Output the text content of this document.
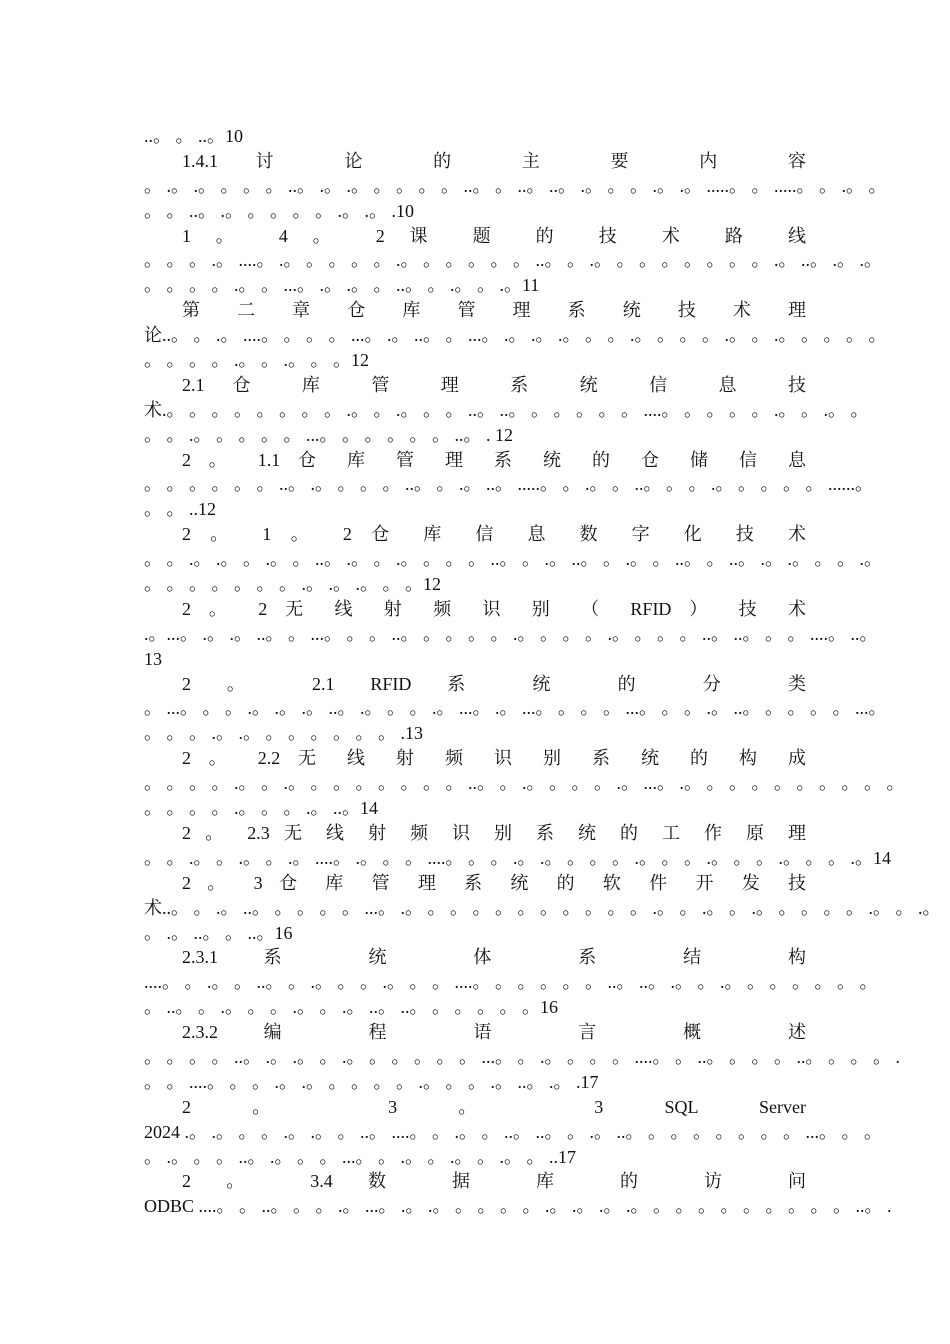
..。 。 ..。10
1.4.1 讨 论 的 主 要 内 容
。 .。 .。 。 。 。 ..。 .。 .。 。 。 。 。 ..。 。 ..。 ..。 .。 。 。 .。 .。 .....。 。 .....。 。 .。 。
。 。 ..。 .。 。 。 。 。 .。 .。 .10
1 。 4 。 2 课 题 的 技 术 路 线
。 。 。 .。 ....。 .。 。 。 。 。 .。 。 。 。 。 。 ..。 。 .。 。 。 。 。 。 。 。 .。 ..。 .。 .。
。 。 。 。 .。 。 ...。 .。 .。 。 ..。 。 .。 。 .。11
第 二 章 仓 库 管 理 系 统 技 术 理
论..。 。 .。 ....。 。 。 。 ...。 .。 ..。 。 ...。 .。 .。 .。 。 。 .。 。 。 。 .。 。 .。 。 。 。 。
。 。 。 。 .。 。 .。 。 。12
2.1 仓 库 管 理 系 统 信 息 技
术.。 。 。 。 。 。 。 。 .。 。 .。 。 。 ..。 ..。 。 。 。 。 。 ....。 。 。 。 。 .。 。 .。 。
。 。 .。 。 。 。 。 ...。 。 。 。 。 。 ..。 . 12
2 。 1.1 仓 库 管 理 系 统 的 仓 储 信 息
。 。 。 。 。 。 ..。 .。 。 。 。 ..。 。 .。 ..。 .....。 。 .。 。 ..。 。 。 .。 。 。 。 。 ......。
。 。 ..12
2 。 1 。 2 仓 库 信 息 数 字 化 技 术
。 。 .。 .。 。 .。 。 ..。 .。 。 .。 。 。 。 ..。 。 .。 ..。 。 .。 。 ..。 。 ..。 .。 .。 。 。 .。
。 。 。 。 。 。 。 .。 .。 .。 。 。12
2 。 2 无 线 射 频 识 别 （ RFID ） 技 术
.。...。 .。 .。 ..。 。 ...。 。 。 ..。 。 。 。 。 .。 。 。 。 .。 。 。 。 ..。 ..。 。 。 ....。 ..。
13
2 。 2.1 RFID 系 统 的 分 类
。 ...。 。 。 .。 .。 .。 ..。 .。 。 。 .。 ...。 .。 ...。 。 。 。 ...。 。 。 .。 ..。 。 。 。 。 ...。
。 。 。 .。 .。 。 。 。 。 。 。 .13
2 。 2.2 无 线 射 频 识 别 系 统 的 构 成
。 。 。 。 .。 。 .。 。 。 。 。 。 。 。 ..。 。 .。 。 。 。 .。 ...。 .。 。 。 。 。 。 。 。 。 。
。 。 。 。 .。 。 。 .。 ..。14
2 。 2.3 无 线 射 频 识 别 系 统 的 工 作 原 理
。 。 .。 。 .。 。 .。 ....。 .。 。 。 ....。 。 。 .。 .。 。 。 。 .。 。 。 .。 。 。 .。 。 。 .。14
2 。 3 仓 库 管 理 系 统 的 软 件 开 发 技
术..。 。 .。 ..。 。 。 。 。 ...。 .。 。 。 。 。 。 。 。 。 。 。 .。 。 .。 。 .。 。 。 。 。 .。 。 .。
。 .。 ..。 。 ..。16
2.3.1 系 统 体 系 结 构
....。 。 .。 。 ..。 。 .。 。 。 .。 。 。 ....。 。 。 。 。 。 ..。 ..。 .。 。 .。 。 。 。 。 。 。
。 ..。 。 .。 。 。 .。 。 .。 ..。 ..。 。 。 。 。 。16
2.3.2 编 程 语 言 概 述
。 。 。 。 ..。 .。 .。 。 .。 。 。 。 。 。 ...。 。 .。 。 。 。 ....。 。 ..。 。 。 。 ..。 。 。 。 .
。 。 ....。 。 。 .。 .。 。 。 。 。 .。 。 。 .。 ..。 .。 .17
2 。 3 。 3 SQL Server
2024 .。 .。 。 。 .。 .。 。 ..。 ....。 。 .。 。 ..。 ..。 。 .。 ..。 。 。 。 。 。 。 。 ...。 。 。
。 .。 。 。 ..。 .。 。 。 ...。 。 .。 。 .。 。 .。 。 ..17
2 。 3.4 数 据 库 的 访 问
ODBC ....。 。 ..。 。 。 .。 ...。 .。 .。 。 。 。 。 .。 .。 .。 .。 。 。 。 。 。 。 。 。 。 ..。 .
